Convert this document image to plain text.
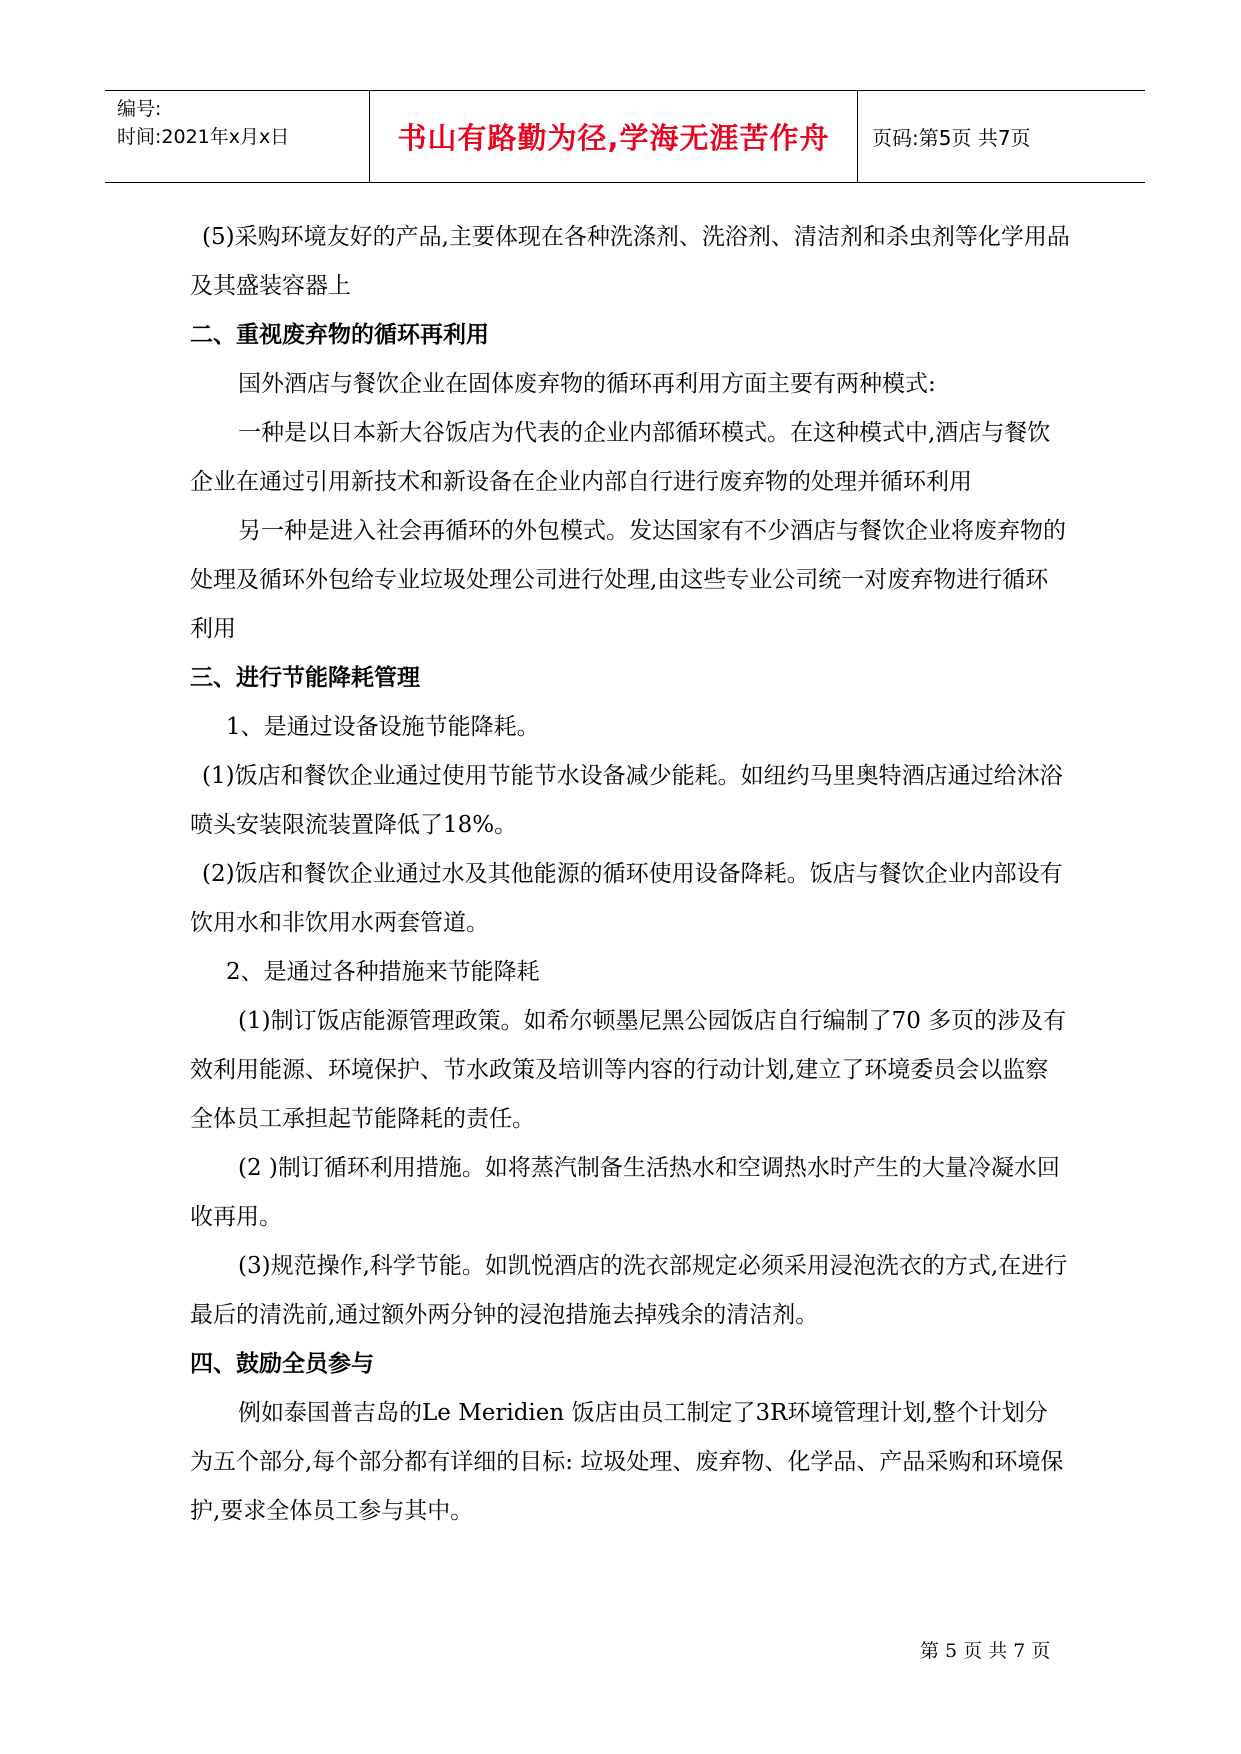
编号:
时间:2021年x月x日	书山有路勤为径,学海无涯苦作舟	页码:第5页 共7页

(5)采购环境友好的产品,主要体现在各种洗涤剂、洗浴剂、清洁剂和杀虫剂等化学用品及其盛装容器上

二、重视废弃物的循环再利用

国外酒店与餐饮企业在固体废弃物的循环再利用方面主要有两种模式:

一种是以日本新大谷饭店为代表的企业内部循环模式。在这种模式中,酒店与餐饮企业在通过引用新技术和新设备在企业内部自行进行废弃物的处理并循环利用

另一种是进入社会再循环的外包模式。发达国家有不少酒店与餐饮企业将废弃物的处理及循环外包给专业垃圾处理公司进行处理,由这些专业公司统一对废弃物进行循环利用

三、进行节能降耗管理

1、是通过设备设施节能降耗。

(1)饭店和餐饮企业通过使用节能节水设备减少能耗。如纽约马里奥特酒店通过给沐浴喷头安装限流装置降低了18%。

(2)饭店和餐饮企业通过水及其他能源的循环使用设备降耗。饭店与餐饮企业内部设有饮用水和非饮用水两套管道。

2、是通过各种措施来节能降耗

(1)制订饭店能源管理政策。如希尔顿墨尼黑公园饭店自行编制了70 多页的涉及有效利用能源、环境保护、节水政策及培训等内容的行动计划,建立了环境委员会以监察全体员工承担起节能降耗的责任。

(2 )制订循环利用措施。如将蒸汽制备生活热水和空调热水时产生的大量冷凝水回收再用。

(3)规范操作,科学节能。如凯悦酒店的洗衣部规定必须采用浸泡洗衣的方式,在进行最后的清洗前,通过额外两分钟的浸泡措施去掉残余的清洁剂。

四、鼓励全员参与

例如泰国普吉岛的Le Meridien 饭店由员工制定了3R环境管理计划,整个计划分为五个部分,每个部分都有详细的目标: 垃圾处理、废弃物、化学品、产品采购和环境保护,要求全体员工参与其中。

第 5 页 共 7 页
